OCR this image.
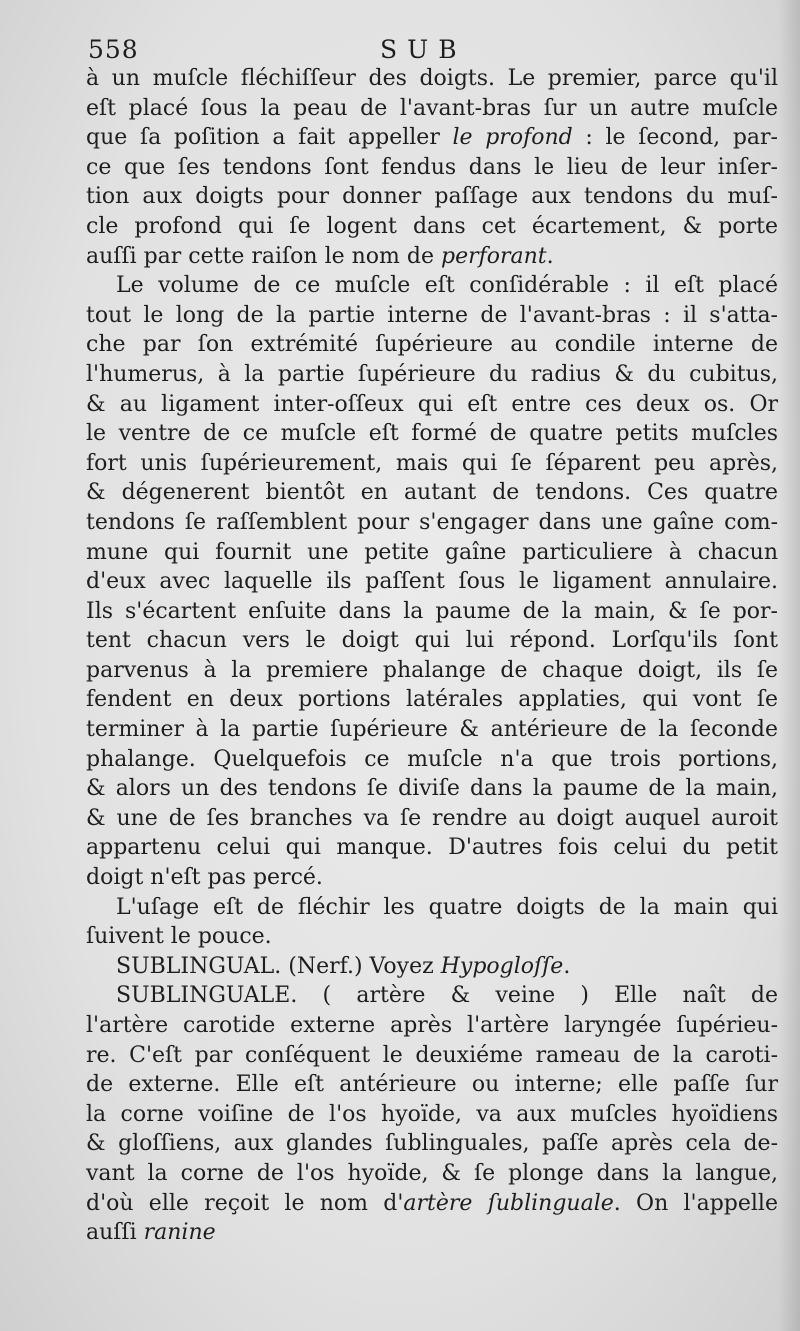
558	SUB
à un muſcle fléchiſſeur des doigts. Le premier, parce qu'il
eſt placé ſous la peau de l'avant-bras ſur un autre muſcle
que ſa poſition a fait appeller le profond : le ſecond, par-
ce que ſes tendons ſont fendus dans le lieu de leur inſer-
tion aux doigts pour donner paſſage aux tendons du muſ-
cle profond qui ſe logent dans cet écartement, & porte
auſſi par cette raiſon le nom de perforant.
Le volume de ce muſcle eſt conſidérable : il eſt placé
tout le long de la partie interne de l'avant-bras : il s'atta-
che par ſon extrémité ſupérieure au condile interne de
l'humerus, à la partie ſupérieure du radius & du cubitus,
& au ligament inter-oſſeux qui eſt entre ces deux os. Or
le ventre de ce muſcle eſt formé de quatre petits muſcles
fort unis ſupérieurement, mais qui ſe ſéparent peu après,
& dégenerent bientôt en autant de tendons. Ces quatre
tendons ſe raſſemblent pour s'engager dans une gaîne com-
mune qui fournit une petite gaîne particuliere à chacun
d'eux avec laquelle ils paſſent ſous le ligament annulaire.
Ils s'écartent enſuite dans la paume de la main, & ſe por-
tent chacun vers le doigt qui lui répond. Lorſqu'ils ſont
parvenus à la premiere phalange de chaque doigt, ils ſe
fendent en deux portions latérales applaties, qui vont ſe
terminer à la partie ſupérieure & antérieure de la ſeconde
phalange. Quelquefois ce muſcle n'a que trois portions,
& alors un des tendons ſe diviſe dans la paume de la main,
& une de ſes branches va ſe rendre au doigt auquel auroit
appartenu celui qui manque. D'autres fois celui du petit
doigt n'eſt pas percé.
L'uſage eſt de fléchir les quatre doigts de la main qui
ſuivent le pouce.
SUBLINGUAL. (Nerf.) Voyez Hypogloſſe.
SUBLINGUALE. ( artère & veine ) Elle naît de
l'artère carotide externe après l'artère laryngée ſupérieu-
re. C'eſt par conſéquent le deuxiéme rameau de la caroti-
de externe. Elle eſt antérieure ou interne; elle paſſe ſur
la corne voiſine de l'os hyoïde, va aux muſcles hyoïdiens
& gloſſiens, aux glandes ſublinguales, paſſe après cela de-
vant la corne de l'os hyoïde, & ſe plonge dans la langue,
d'où elle reçoit le nom d'artère ſublinguale. On l'appelle
auſſi ranine
